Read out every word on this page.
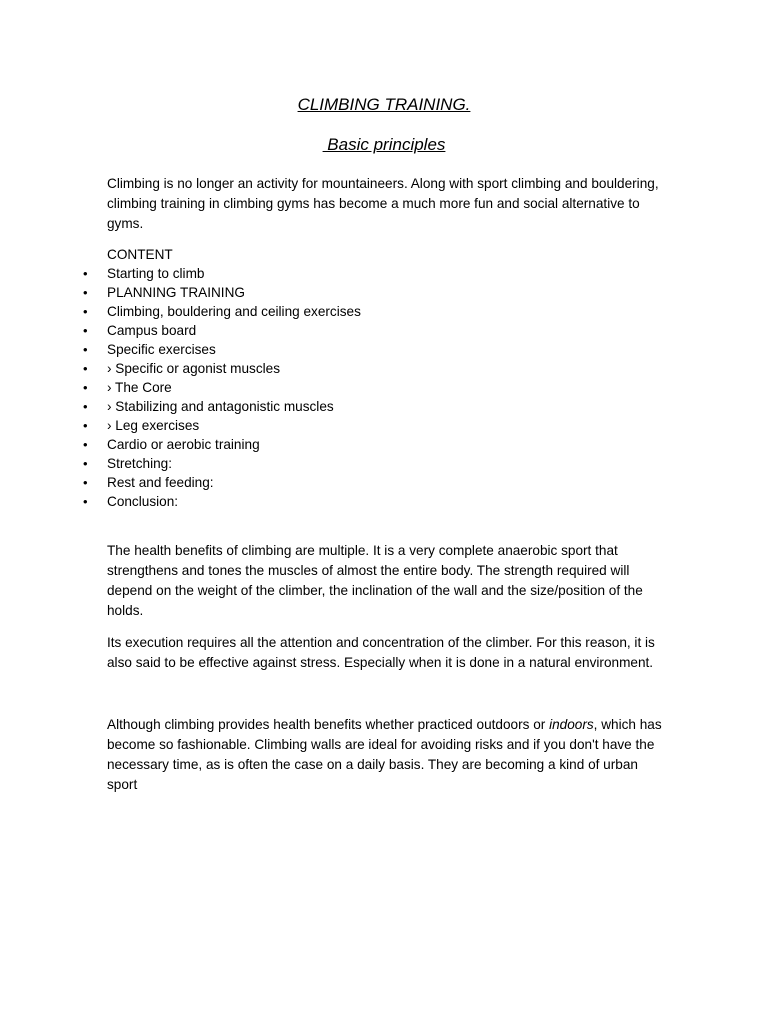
CLIMBING TRAINING.
Basic principles

Climbing is no longer an activity for mountaineers. Along with sport climbing and bouldering, climbing training in climbing gyms has become a much more fun and social alternative to gyms.

CONTENT
• Starting to climb
• PLANNING TRAINING
• Climbing, bouldering and ceiling exercises
• Campus board
• Specific exercises
• › Specific or agonist muscles
• › The Core
• › Stabilizing and antagonistic muscles
• › Leg exercises
• Cardio or aerobic training
• Stretching:
• Rest and feeding:
• Conclusion:

The health benefits of climbing are multiple. It is a very complete anaerobic sport that strengthens and tones the muscles of almost the entire body. The strength required will depend on the weight of the climber, the inclination of the wall and the size/position of the holds.

Its execution requires all the attention and concentration of the climber. For this reason, it is also said to be effective against stress. Especially when it is done in a natural environment.

Although climbing provides health benefits whether practiced outdoors or indoors, which has become so fashionable. Climbing walls are ideal for avoiding risks and if you don't have the necessary time, as is often the case on a daily basis. They are becoming a kind of urban sport
